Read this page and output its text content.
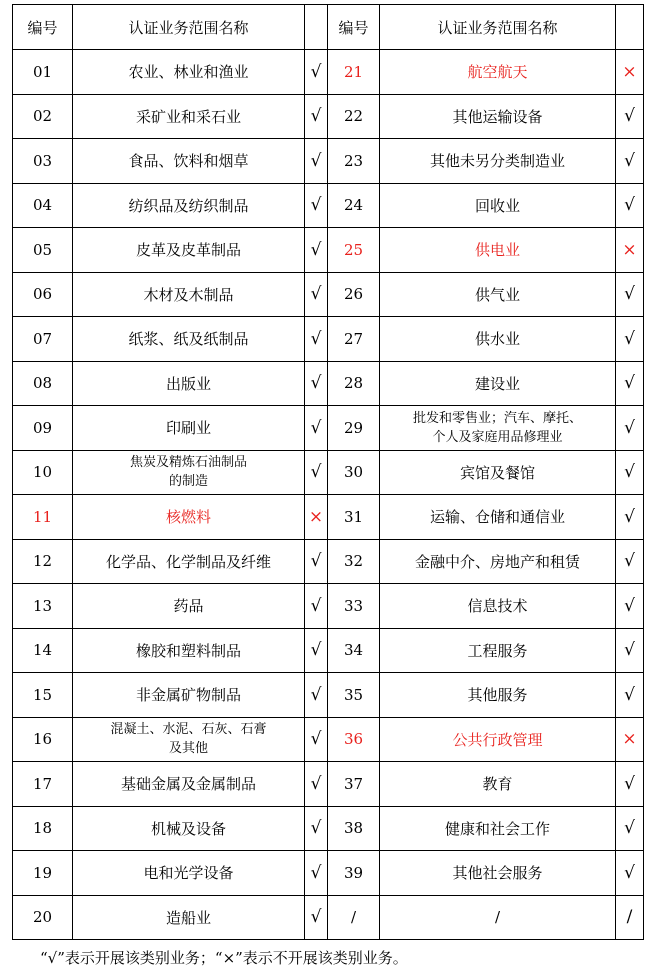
编号	认证业务范围名称		编号	认证业务范围名称	
01	农业、林业和渔业	√	21	航空航天	×
02	采矿业和采石业	√	22	其他运输设备	√
03	食品、饮料和烟草	√	23	其他未另分类制造业	√
04	纺织品及纺织制品	√	24	回收业	√
05	皮革及皮革制品	√	25	供电业	×
06	木材及木制品	√	26	供气业	√
07	纸浆、纸及纸制品	√	27	供水业	√
08	出版业	√	28	建设业	√
09	印刷业	√	29	批发和零售业；汽车、摩托、
个人及家庭用品修理业	√
10	焦炭及精炼石油制品
的制造	√	30	宾馆及餐馆	√
11	核燃料	×	31	运输、仓储和通信业	√
12	化学品、化学制品及纤维	√	32	金融中介、房地产和租赁	√
13	药品	√	33	信息技术	√
14	橡胶和塑料制品	√	34	工程服务	√
15	非金属矿物制品	√	35	其他服务	√
16	混凝土、水泥、石灰、石膏
及其他	√	36	公共行政管理	×
17	基础金属及金属制品	√	37	教育	√
18	机械及设备	√	38	健康和社会工作	√
19	电和光学设备	√	39	其他社会服务	√
20	造船业	√	/	/	/
“√”表示开展该类别业务；“×”表示不开展该类别业务。
